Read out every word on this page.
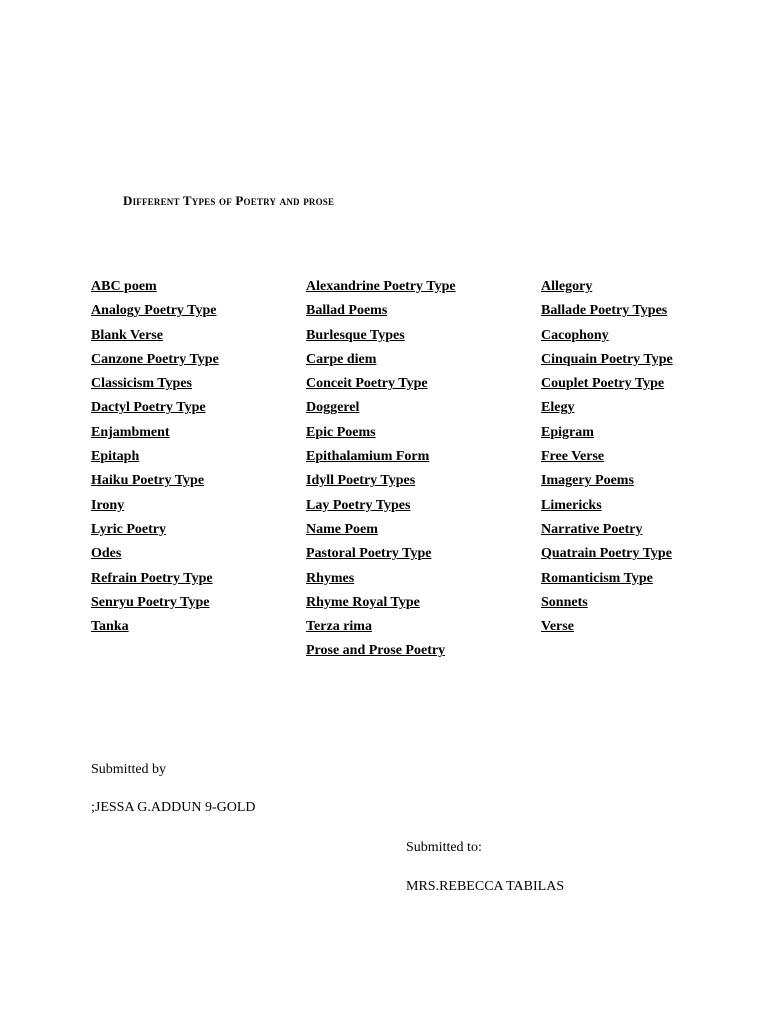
Different Types of Poetry and prose
ABC poem
Analogy Poetry Type
Blank Verse
Canzone Poetry Type
Classicism Types
Dactyl Poetry Type
Enjambment
Epitaph
Haiku Poetry Type
Irony
Lyric Poetry
Odes
Refrain Poetry Type
Senryu Poetry Type
Tanka
Alexandrine Poetry Type
Ballad Poems
Burlesque Types
Carpe diem
Conceit Poetry Type
Doggerel
Epic Poems
Epithalamium Form
Idyll Poetry Types
Lay Poetry Types
Name Poem
Pastoral Poetry Type
Rhymes
Rhyme Royal Type
Terza rima
Prose and Prose Poetry
Allegory
Ballade Poetry Types
Cacophony
Cinquain Poetry Type
Couplet Poetry Type
Elegy
Epigram
Free Verse
Imagery Poems
Limericks
Narrative Poetry
Quatrain Poetry Type
Romanticism Type
Sonnets
Verse
Submitted by
;JESSA G.ADDUN 9-GOLD
Submitted to:
MRS.REBECCA TABILAS
